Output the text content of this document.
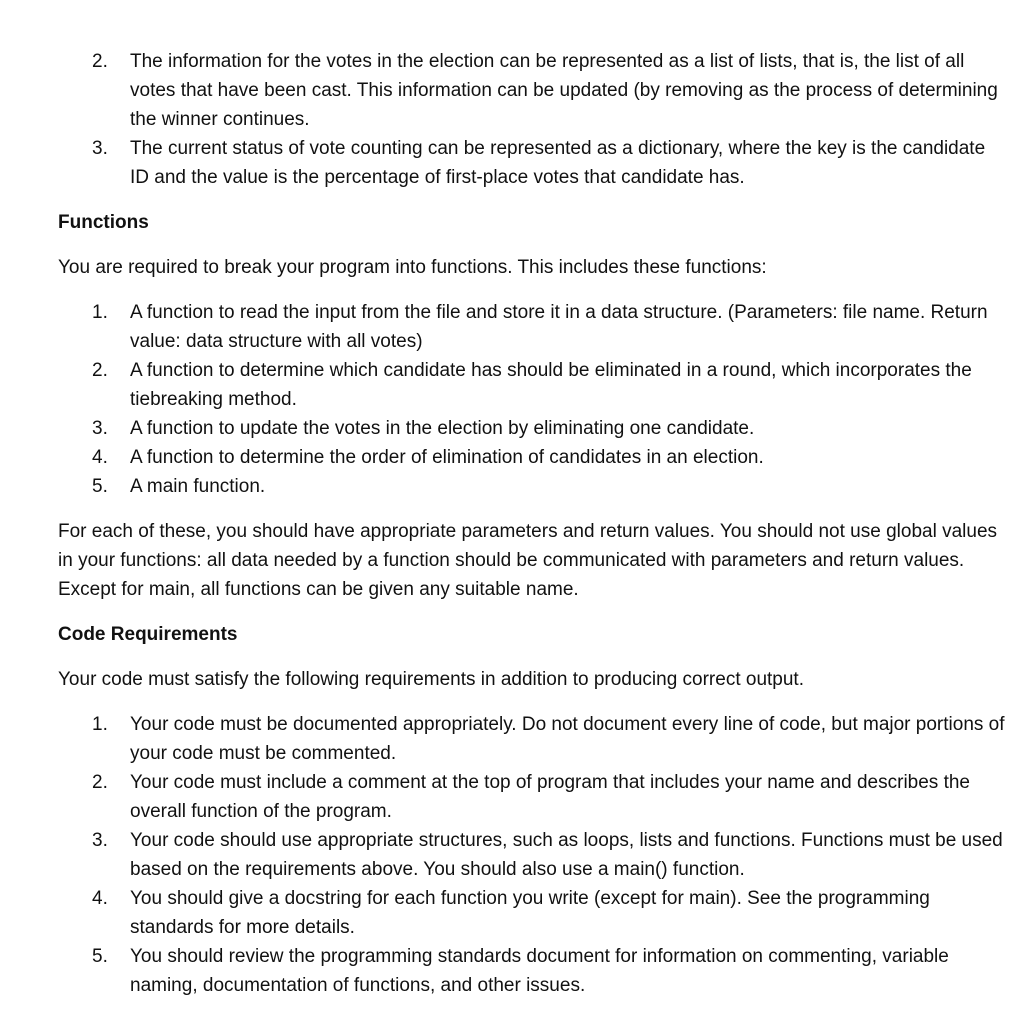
2.	The information for the votes in the election can be represented as a list of lists, that is, the list of all votes that have been cast. This information can be updated (by removing as the process of determining the winner continues.
3.	The current status of vote counting can be represented as a dictionary, where the key is the candidate ID and the value is the percentage of first-place votes that candidate has.

Functions

You are required to break your program into functions. This includes these functions:

1.	A function to read the input from the file and store it in a data structure. (Parameters: file name. Return value: data structure with all votes)
2.	A function to determine which candidate has should be eliminated in a round, which incorporates the tiebreaking method.
3.	A function to update the votes in the election by eliminating one candidate.
4.	A function to determine the order of elimination of candidates in an election.
5.	A main function.

For each of these, you should have appropriate parameters and return values. You should not use global values in your functions: all data needed by a function should be communicated with parameters and return values. Except for main, all functions can be given any suitable name.

Code Requirements

Your code must satisfy the following requirements in addition to producing correct output.

1.	Your code must be documented appropriately. Do not document every line of code, but major portions of your code must be commented.
2.	Your code must include a comment at the top of program that includes your name and describes the overall function of the program.
3.	Your code should use appropriate structures, such as loops, lists and functions. Functions must be used based on the requirements above. You should also use a main() function.
4.	You should give a docstring for each function you write (except for main). See the programming standards for more details.
5.	You should review the programming standards document for information on commenting, variable naming, documentation of functions, and other issues.
